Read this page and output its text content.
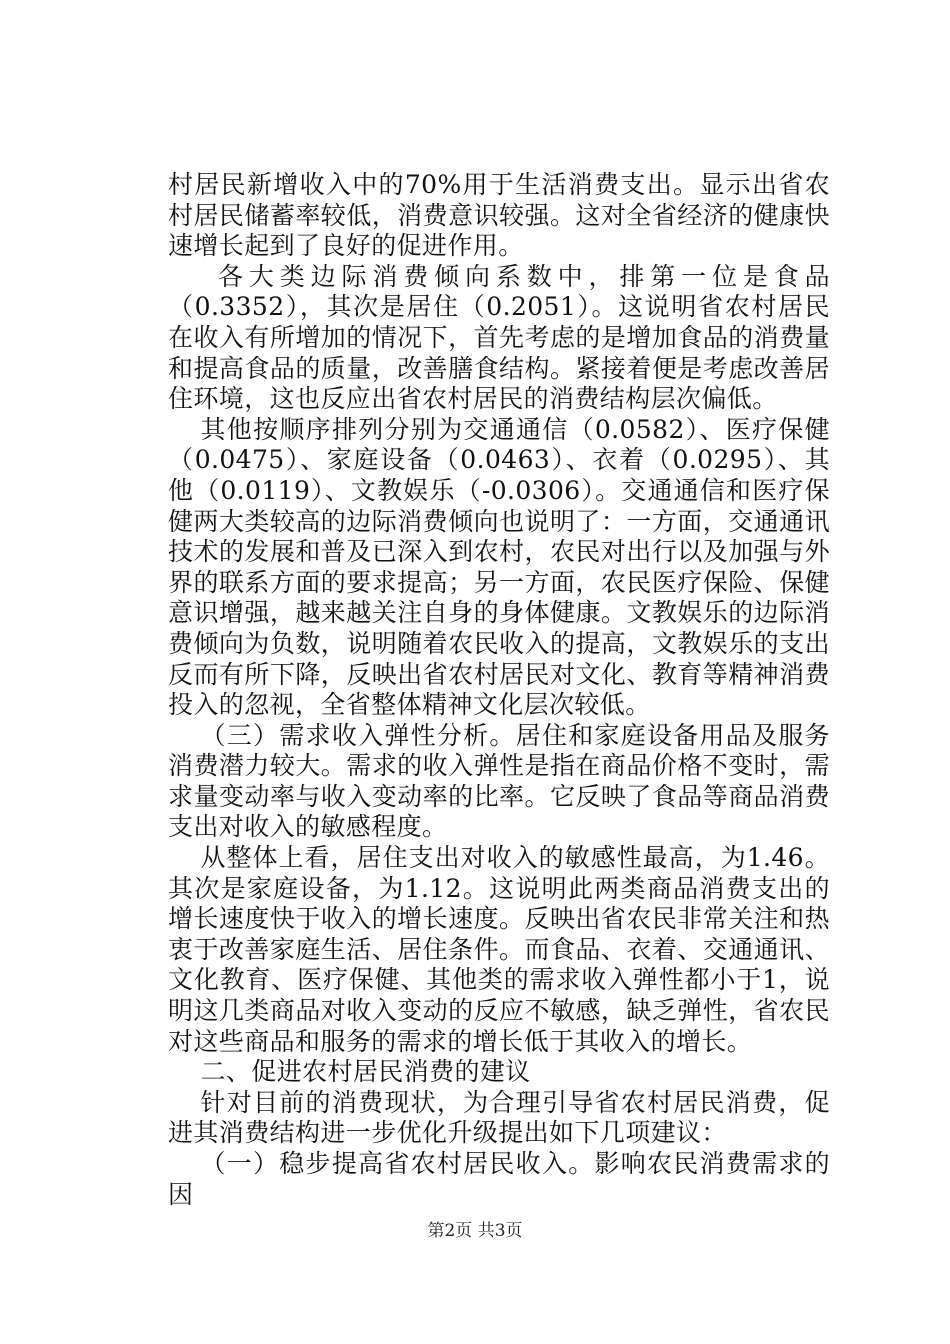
村居民新增收入中的70%用于生活消费支出。显示出省农村居民储蓄率较低，消费意识较强。这对全省经济的健康快速增长起到了良好的促进作用。

各大类边际消费倾向系数中，排第一位是食品（0.3352），其次是居住（0.2051）。这说明省农村居民在收入有所增加的情况下，首先考虑的是增加食品的消费量和提高食品的质量，改善膳食结构。紧接着便是考虑改善居住环境，这也反应出省农村居民的消费结构层次偏低。

其他按顺序排列分别为交通通信（0.0582）、医疗保健（0.0475）、家庭设备（0.0463）、衣着（0.0295）、其他（0.0119）、文教娱乐（-0.0306）。交通通信和医疗保健两大类较高的边际消费倾向也说明了：一方面，交通通讯技术的发展和普及已深入到农村，农民对出行以及加强与外界的联系方面的要求提高；另一方面，农民医疗保险、保健意识增强，越来越关注自身的身体健康。文教娱乐的边际消费倾向为负数，说明随着农民收入的提高，文教娱乐的支出反而有所下降，反映出省农村居民对文化、教育等精神消费投入的忽视，全省整体精神文化层次较低。

（三）需求收入弹性分析。居住和家庭设备用品及服务消费潜力较大。需求的收入弹性是指在商品价格不变时，需求量变动率与收入变动率的比率。它反映了食品等商品消费支出对收入的敏感程度。

从整体上看，居住支出对收入的敏感性最高，为1.46。其次是家庭设备，为1.12。这说明此两类商品消费支出的增长速度快于收入的增长速度。反映出省农民非常关注和热衷于改善家庭生活、居住条件。而食品、衣着、交通通讯、文化教育、医疗保健、其他类的需求收入弹性都小于1，说明这几类商品对收入变动的反应不敏感，缺乏弹性，省农民对这些商品和服务的需求的增长低于其收入的增长。

二、促进农村居民消费的建议

针对目前的消费现状，为合理引导省农村居民消费，促进其消费结构进一步优化升级提出如下几项建议：

（一）稳步提高省农村居民收入。影响农民消费需求的因

第2页 共3页
